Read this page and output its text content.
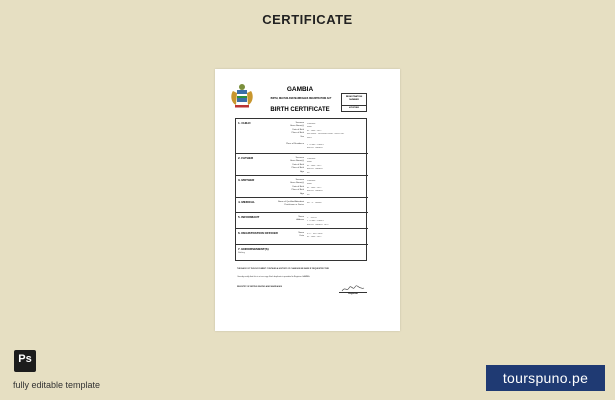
CERTIFICATE
GAMBIA
BIRTH, DEATHS AND MARRIAGES REGISTRATION ACT
REGISTRATION NUMBER
47037882
BIRTH CERTIFICATE
1. CHILD	Surname SURNAME
Given Name(s) NAME
Date of Birth 01 JANE 2022
Place of Birth NATIONAL INTERNATIONAL HOSPITAL
Sex MALE
Place of Residence 1 CLARK STREET
BANJUL GAMBIA
2. FATHER	Surname SURNAME
Given Name(s) NAME
Date of Birth 01 JANE 2022
Place of Birth BANJUL GAMBIA
Age 35
3. MOTHER	Surname SURNAME
Given Name(s) NAME
Date of Birth 01 JANE 2022
Place of Birth BANJUL GAMBIA
Age 30
4. MEDICAL	Name of Qualified Attendant DR. M. BROWN
Practitioner or Doctor
5. INFORMANT	Name J. SMITH
Address 1 CLARK STREET
BANJUL GAMBIA 2022
6. REGISTRATION OFFICER	Name M.K. WILLIAMS
Date 01 JANE 2022
7. ENDORSEMENT(S)
Nothing
THE BACK OF THIS DOCUMENT CONTAINS A HISTORY OF CHANGES BE MADE IF REQUESTED TIME
I hereby certify that this is a true copy. Each duplicate is provided to Registrar GAMBIA
REGISTRY OF BIRTHS DEATHS AND MARRIAGES
Registrar
Ps
fully editable template	tourspuno.pe
